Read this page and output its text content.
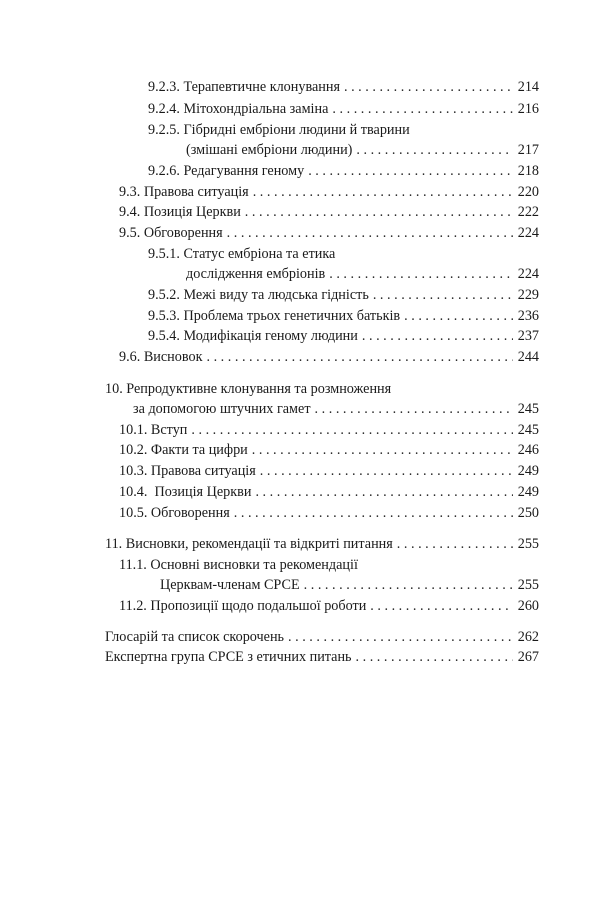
9.2.3. Терапевтичне клонування . . .	214
9.2.4. Мітохондріальна заміна . . .	216
9.2.5. Гібридні ембріони людини й тварини
(змішані ембріони людини) . . .	217
9.2.6. Редагування геному . . .	218
9.3. Правова ситуація . . .	220
9.4. Позиція Церкви . . .	222
9.5. Обговорення . . .	224
9.5.1. Статус ембріона та етика
дослідження ембріонів . . .	224
9.5.2. Межі виду та людська гідність . . .	229
9.5.3. Проблема трьох генетичних батьків . . .	236
9.5.4. Модифікація геному людини . . .	237
9.6. Висновок . . .	244
10. Репродуктивне клонування та розмноження
за допомогою штучних гамет . . .	245
10.1. Вступ . . .	245
10.2. Факти та цифри . . .	246
10.3. Правова ситуація . . .	249
10.4. Позиція Церкви . . .	249
10.5. Обговорення . . .	250
11. Висновки, рекомендації та відкриті питання . . .	255
11.1. Основні висновки та рекомендації
Церквам-членам СРСЕ . . .	255
11.2. Пропозиції щодо подальшої роботи . . .	260
Глосарій та список скорочень . . .	262
Експертна група СРСЕ з етичних питань . . .	267
